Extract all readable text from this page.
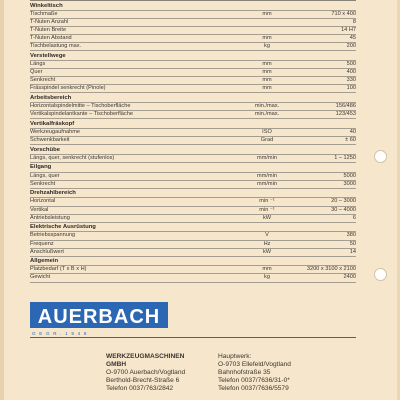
Winkeltisch
Tischmaße	mm	710 x 400
T-Nuten Anzahl	8
T-Nuten Breite	14 H7
T-Nuten Abstand	mm	45
Tischbelastung max.	kg	200
Verstellwege
Längs	mm	500
Quer	mm	400
Senkrecht	mm	330
Frässpindel senkrecht (Pinole)	mm	100
Arbeitsbereich
Horizontalspindelmitte – Tischoberfläche	min./max.	156/486
Vertikalspindelantkante – Tischoberfläche	min./max.	123/453
Vertikalfräskopf
Werkzeugaufnahme	ISO	40
Schwenkbarkeit	Grad	± 60
Vorschübe
Längs, quer, senkrecht (stufenlos)	mm/min	1 – 1250
Eilgang
Längs, quer	mm/min	5000
Senkrecht	mm/min	3000
Drehzahlbereich
Horizontal	min ⁻¹	20 – 3000
Vertikal	min ⁻¹	30 – 4000
Antriebsleistung	kW	6
Elektrische Ausrüstung
Betriebsspannung	V	380
Frequenz	Hz	50
Anschlußwert	kW	14
Allgemein
Platzbedarf (T x B x H)	mm	3200 x 3100 x 2100
Gewicht	kg	2400
AUERBACH
G E G R . 1 9 4 8
WERKZEUGMASCHINEN
GMBH
O-9700 Auerbach/Vogtland
Berthold-Brecht-Straße 6
Telefon 0037/763/2842
Hauptwerk:
O-9703 Ellefeld/Vogtland
Bahnhofstraße 35
Telefon 0037/7636/31-0*
Telefon 0037/7636/5579
